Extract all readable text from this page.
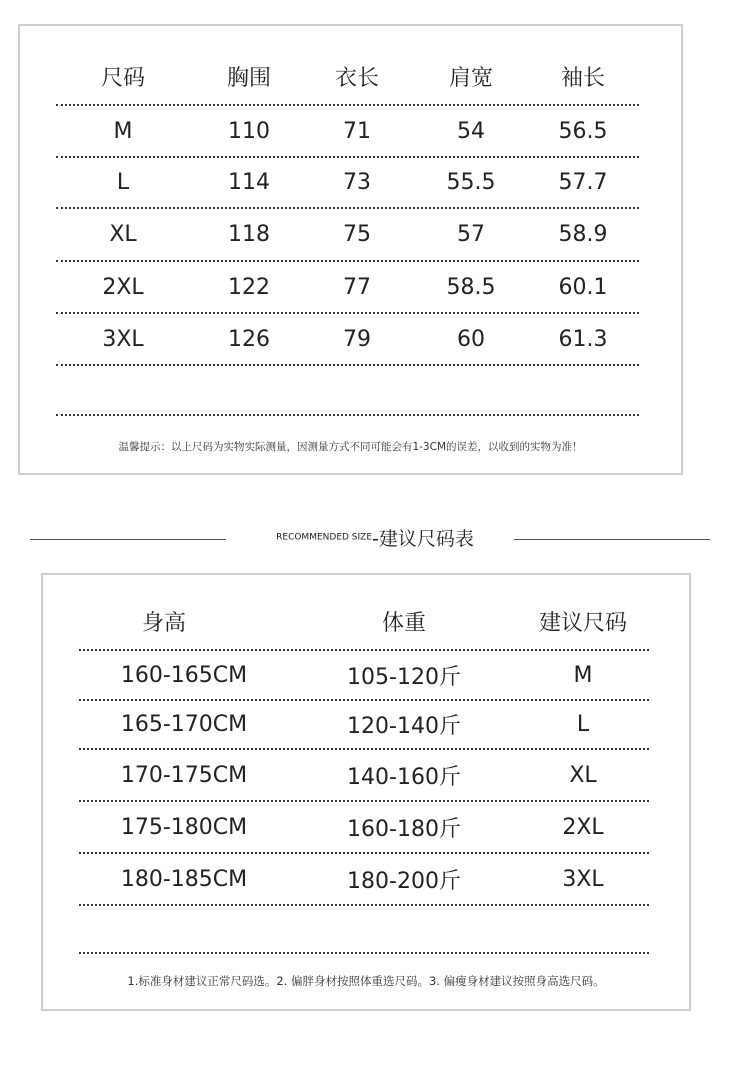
尺码	胸围	衣长	肩宽	袖长
M	110	71	54	56.5
L	114	73	55.5	57.7
XL	118	75	57	58.9
2XL	122	77	58.5	60.1
3XL	126	79	60	61.3
温馨提示：以上尺码为实物实际测量，因测量方式不同可能会有1-3CM的误差，以收到的实物为准！
RECOMMENDED SIZE-建议尺码表
身高	体重	建议尺码
160-165CM	105-120斤	M
165-170CM	120-140斤	L
170-175CM	140-160斤	XL
175-180CM	160-180斤	2XL
180-185CM	180-200斤	3XL
1.标准身材建议正常尺码选。2. 偏胖身材按照体重选尺码。3. 偏瘦身材建议按照身高选尺码。
